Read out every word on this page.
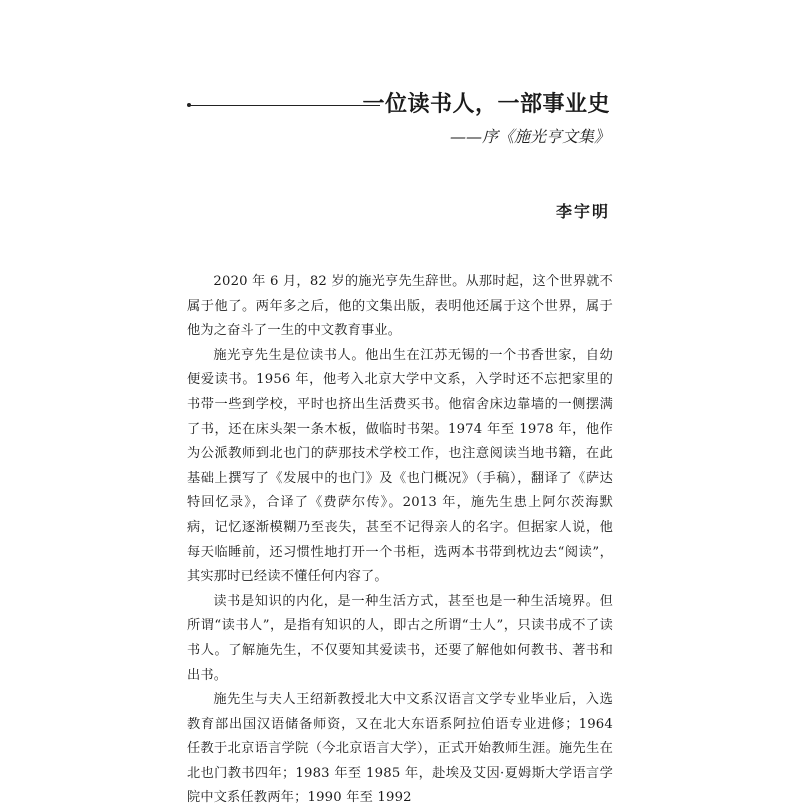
一位读书人，一部事业史
——序《施光亨文集》
李宇明

2020 年 6 月，82 岁的施光亨先生辞世。从那时起，这个世界就不属于他了。两年多之后，他的文集出版，表明他还属于这个世界，属于他为之奋斗了一生的中文教育事业。

施光亨先生是位读书人。他出生在江苏无锡的一个书香世家，自幼便爱读书。1956 年，他考入北京大学中文系，入学时还不忘把家里的书带一些到学校，平时也挤出生活费买书。他宿舍床边靠墙的一侧摆满了书，还在床头架一条木板，做临时书架。1974 年至 1978 年，他作为公派教师到北也门的萨那技术学校工作，也注意阅读当地书籍，在此基础上撰写了《发展中的也门》及《也门概况》（手稿），翻译了《萨达特回忆录》，合译了《费萨尔传》。2013 年，施先生患上阿尔茨海默病，记忆逐渐模糊乃至丧失，甚至不记得亲人的名字。但据家人说，他每天临睡前，还习惯性地打开一个书柜，选两本书带到枕边去“阅读”，其实那时已经读不懂任何内容了。

读书是知识的内化，是一种生活方式，甚至也是一种生活境界。但所谓“读书人”，是指有知识的人，即古之所谓“士人”，只读书成不了读书人。了解施先生，不仅要知其爱读书，还要了解他如何教书、著书和出书。

施先生与夫人王绍新教授北大中文系汉语言文学专业毕业后，入选教育部出国汉语储备师资，又在北大东语系阿拉伯语专业进修；1964 任教于北京语言学院（今北京语言大学），正式开始教师生涯。施先生在北也门教书四年；1983 年至 1985 年，赴埃及艾因·夏姆斯大学语言学院中文系任教两年；1990 年至 1992
